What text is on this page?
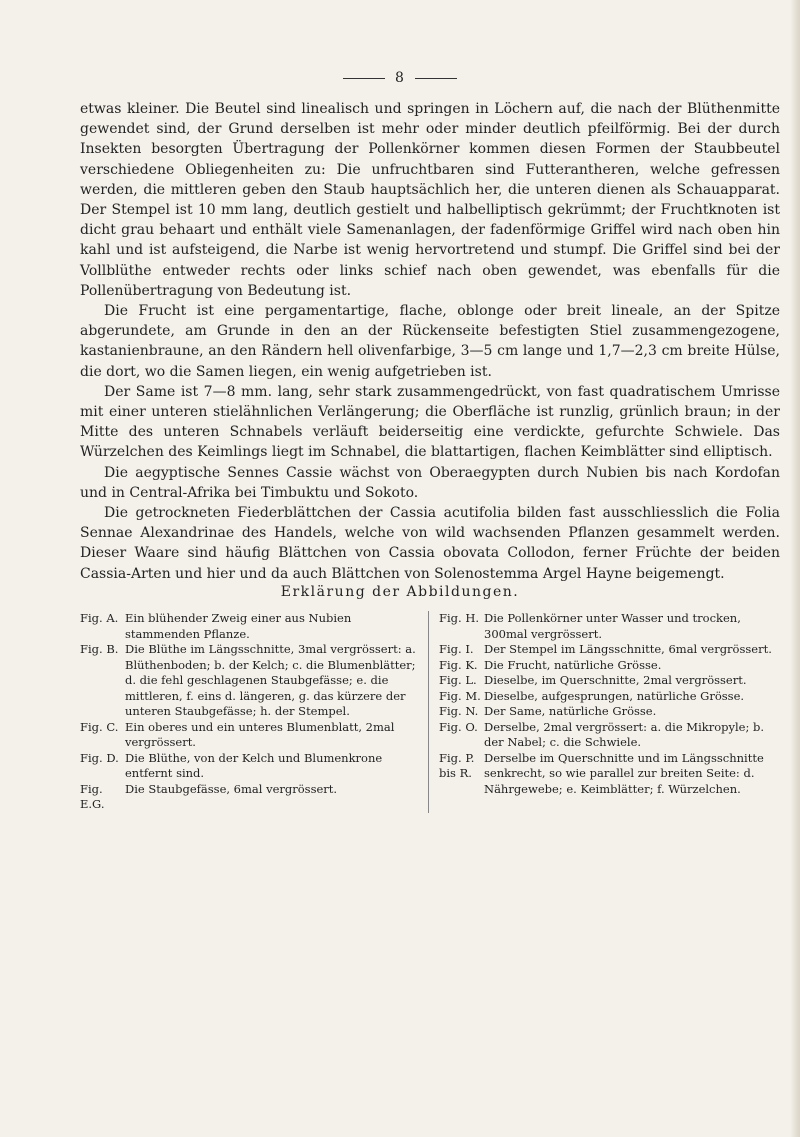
8

etwas kleiner. Die Beutel sind linealisch und springen in Löchern auf, die nach der Blüthenmitte gewendet sind, der Grund derselben ist mehr oder minder deutlich pfeilförmig. Bei der durch Insekten besorgten Übertragung der Pollenkörner kommen diesen Formen der Staubbeutel verschiedene Obliegenheiten zu: Die unfruchtbaren sind Futterantheren, welche gefressen werden, die mittleren geben den Staub hauptsächlich her, die unteren dienen als Schauapparat. Der Stempel ist 10 mm lang, deutlich gestielt und halbelliptisch gekrümmt; der Fruchtknoten ist dicht grau behaart und enthält viele Samenanlagen, der fadenförmige Griffel wird nach oben hin kahl und ist aufsteigend, die Narbe ist wenig hervortretend und stumpf. Die Griffel sind bei der Vollblüthe entweder rechts oder links schief nach oben gewendet, was ebenfalls für die Pollenübertragung von Bedeutung ist.

Die Frucht ist eine pergamentartige, flache, oblonge oder breit lineale, an der Spitze abgerundete, am Grunde in den an der Rückenseite befestigten Stiel zusammengezogene, kastanienbraune, an den Rändern hell olivenfarbige, 3—5 cm lange und 1,7—2,3 cm breite Hülse, die dort, wo die Samen liegen, ein wenig aufgetrieben ist.

Der Same ist 7—8 mm. lang, sehr stark zusammengedrückt, von fast quadratischem Umrisse mit einer unteren stielähnlichen Verlängerung; die Oberfläche ist runzlig, grünlich braun; in der Mitte des unteren Schnabels verläuft beiderseitig eine verdickte, gefurchte Schwiele. Das Würzelchen des Keimlings liegt im Schnabel, die blattartigen, flachen Keimblätter sind elliptisch.

Die aegyptische Sennes Cassie wächst von Oberaegypten durch Nubien bis nach Kordofan und in Central-Afrika bei Timbuktu und Sokoto.

Die getrockneten Fiederblättchen der Cassia acutifolia bilden fast ausschliesslich die Folia Sennae Alexandrinae des Handels, welche von wild wachsenden Pflanzen gesammelt werden. Dieser Waare sind häufig Blättchen von Cassia obovata Collodon, ferner Früchte der beiden Cassia-Arten und hier und da auch Blättchen von Solenostemma Argel Hayne beigemengt.

Erklärung der Abbildungen.
Fig. A. Ein blühender Zweig einer aus Nubien stammenden Pflanze.
Fig. B. Die Blüthe im Längsschnitte, 3mal vergrössert: a. Blüthenboden; b. der Kelch; c. die Blumenblätter; d. die fehl geschlagenen Staubgefässe; e. die mittleren, f. eins d. längeren, g. das kürzere der unteren Staubgefässe; h. der Stempel.
Fig. C. Ein oberes und ein unteres Blumenblatt, 2mal vergrössert.
Fig. D. Die Blüthe, von der Kelch und Blumenkrone entfernt sind.
Fig. E.G.
Die Staubgefässe, 6mal vergrössert.
Fig. H. Die Pollenkörner unter Wasser und trocken, 300mal vergrössert.
Fig. I. Der Stempel im Längsschnitte, 6mal vergrössert.
Fig. K. Die Frucht, natürliche Grösse.
Fig. L. Dieselbe, im Querschnitte, 2mal vergrössert.
Fig. M. Dieselbe, aufgesprungen, natürliche Grösse.
Fig. N. Der Same, natürliche Grösse.
Fig. O. Derselbe, 2mal vergrössert: a. die Mikropyle; b. der Nabel; c. die Schwiele.
Fig. P. bis R.
Derselbe im Querschnitte und im Längsschnitte senkrecht, so wie parallel zur breiten Seite: d. Nährgewebe; e. Keimblätter; f. Würzelchen.
